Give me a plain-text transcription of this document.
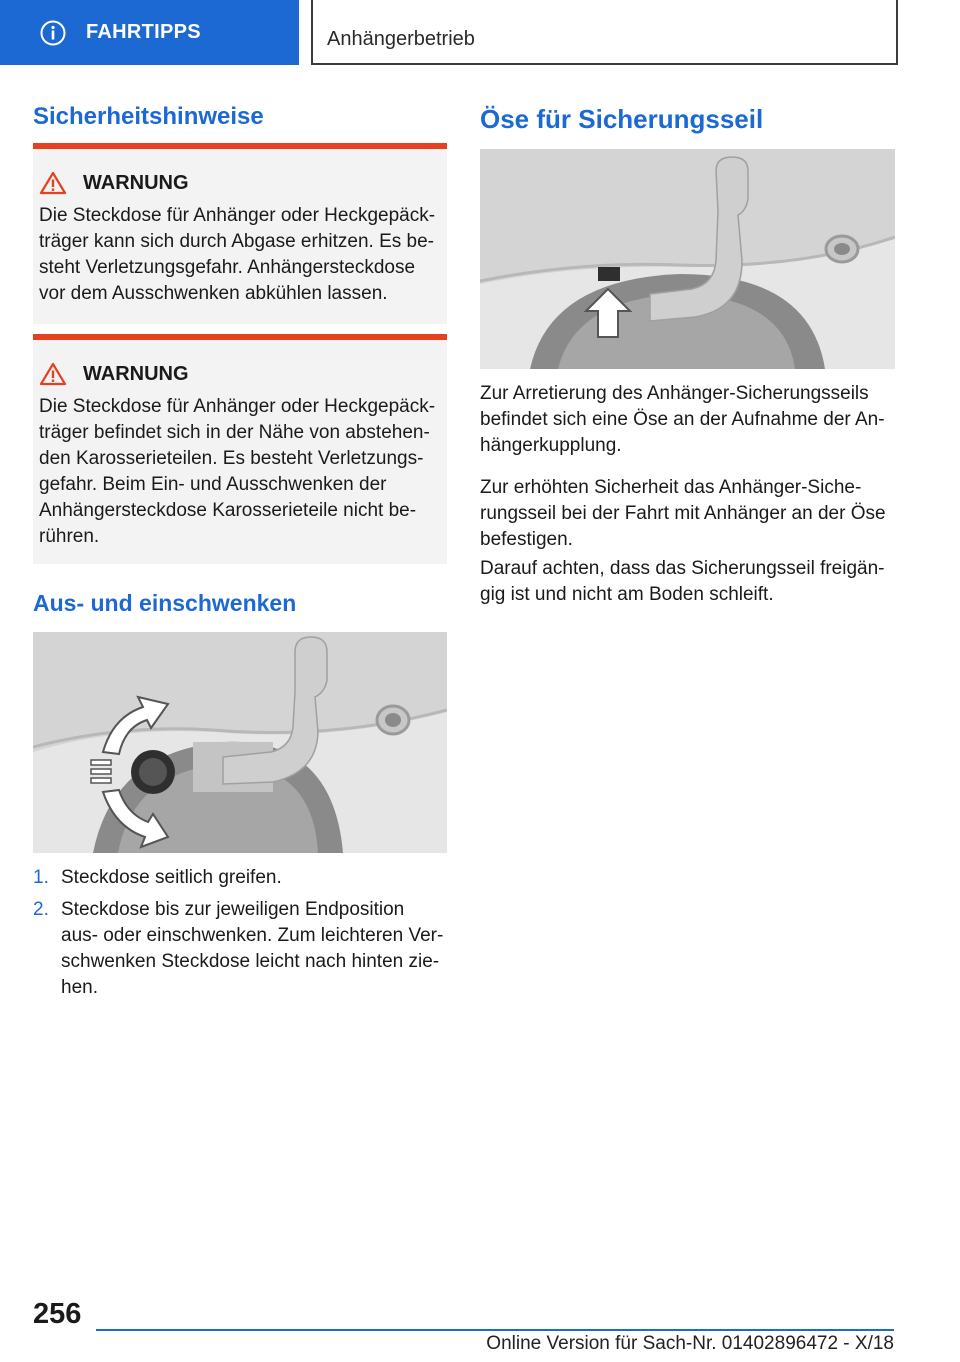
FAHRTIPPS	Anhängerbetrieb
Sicherheitshinweise
WARNUNG
Die Steckdose für Anhänger oder Heckgepäck-
träger kann sich durch Abgase erhitzen. Es be-
steht Verletzungsgefahr. Anhängersteckdose
vor dem Ausschwenken abkühlen lassen.
WARNUNG
Die Steckdose für Anhänger oder Heckgepäck-
träger befindet sich in der Nähe von abstehen-
den Karosserieteilen. Es besteht Verletzungs-
gefahr. Beim Ein- und Ausschwenken der
Anhängersteckdose Karosserieteile nicht be-
rühren.
Aus- und einschwenken
1. Steckdose seitlich greifen.
2. Steckdose bis zur jeweiligen Endposition
aus- oder einschwenken. Zum leichteren Ver-
schwenken Steckdose leicht nach hinten zie-
hen.
Öse für Sicherungsseil

Zur Arretierung des Anhänger-Sicherungsseils
befindet sich eine Öse an der Aufnahme der An-
hängerkupplung.

Zur erhöhten Sicherheit das Anhänger-Siche-
rungsseil bei der Fahrt mit Anhänger an der Öse
befestigen.

Darauf achten, dass das Sicherungsseil freigän-
gig ist und nicht am Boden schleift.

256
Online Version für Sach-Nr. 01402896472 - X/18
